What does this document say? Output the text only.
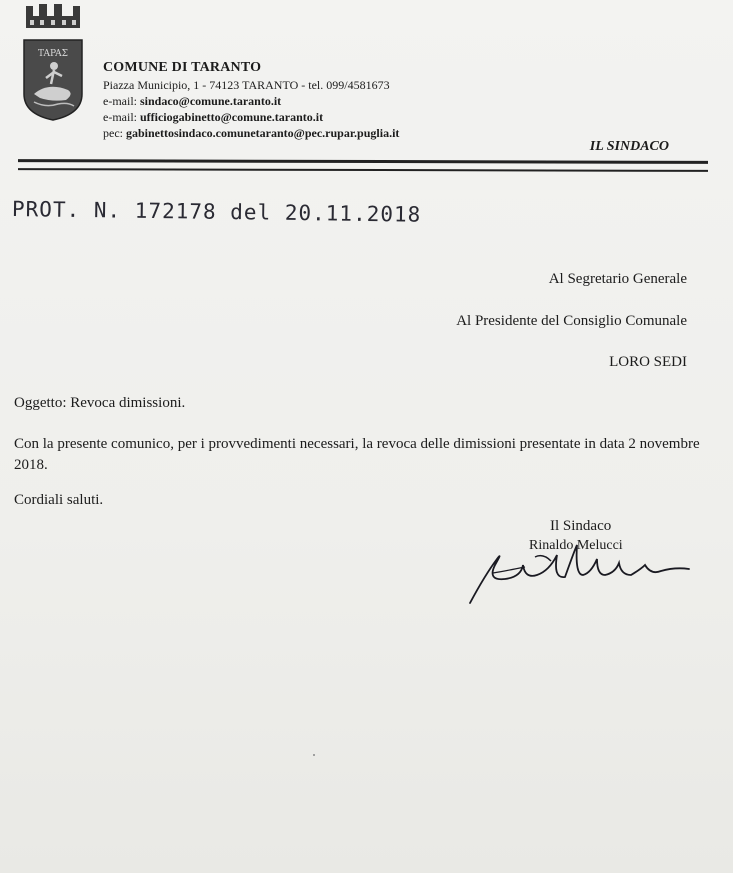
TAPAΣ
COMUNE DI TARANTO
Piazza Municipio, 1 - 74123 TARANTO - tel. 099/4581673
e-mail: sindaco@comune.taranto.it
e-mail: ufficiogabinetto@comune.taranto.it
pec: gabinettosindaco.comunetaranto@pec.rupar.puglia.it
IL SINDACO
PROT. N. 172178 del 20.11.2018
Al Segretario Generale
Al Presidente del Consiglio Comunale
LORO SEDI
Oggetto: Revoca dimissioni.
Con la presente comunico, per i provvedimenti necessari, la revoca delle dimissioni presentate in data 2 novembre 2018.
Cordiali saluti.
Il Sindaco
Rinaldo Melucci
